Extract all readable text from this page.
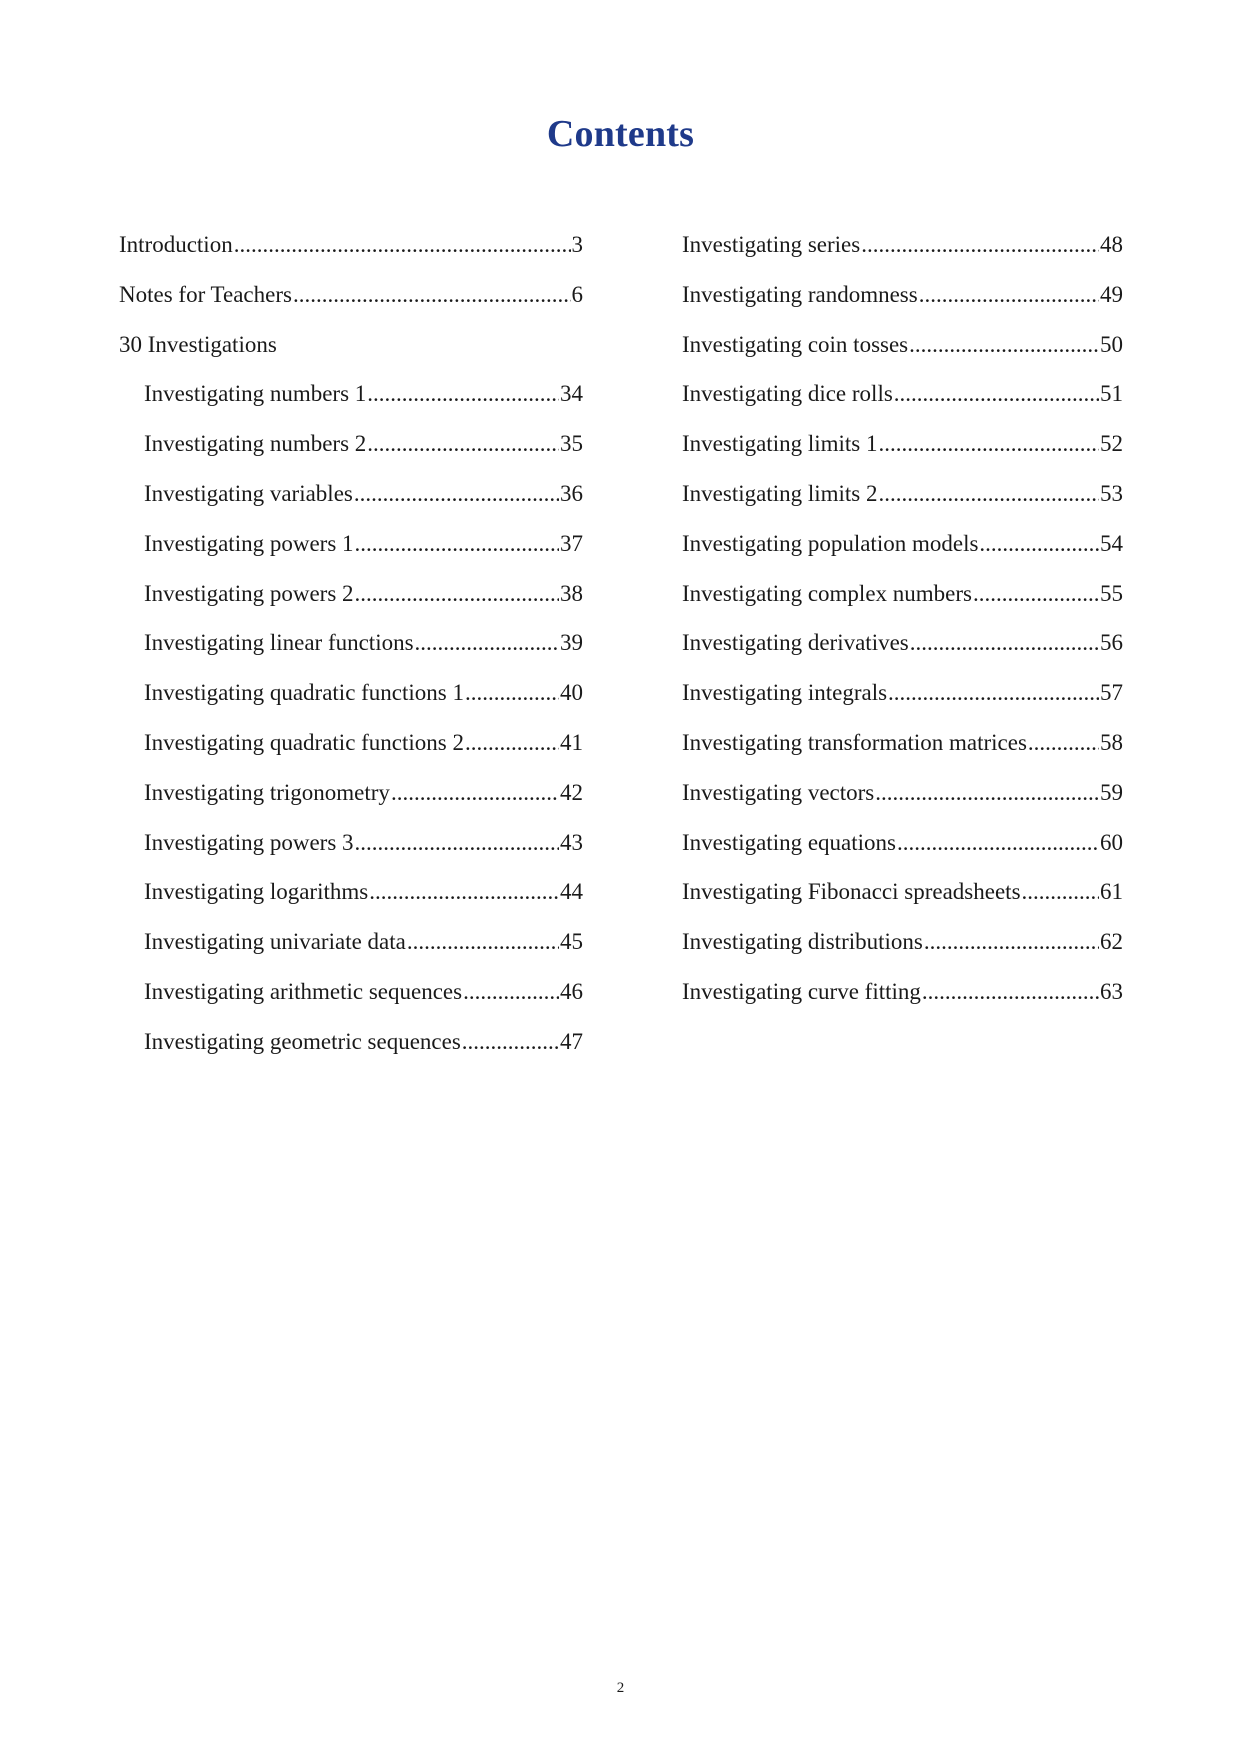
Contents
Introduction .....	3
Notes for Teachers .....	6
30 Investigations
Investigating numbers 1 .....	34
Investigating numbers 2 .....	35
Investigating variables .....	36
Investigating powers 1 .....	37
Investigating powers 2 .....	38
Investigating linear functions .....	39
Investigating quadratic functions 1 .....	40
Investigating quadratic functions 2 .....	41
Investigating trigonometry .....	42
Investigating powers 3 .....	43
Investigating logarithms .....	44
Investigating univariate data .....	45
Investigating arithmetic sequences .....	46
Investigating geometric sequences .....	47
Investigating series .....	48
Investigating randomness .....	49
Investigating coin tosses .....	50
Investigating dice rolls .....	51
Investigating limits 1 .....	52
Investigating limits 2 .....	53
Investigating population models .....	54
Investigating complex numbers .....	55
Investigating derivatives .....	56
Investigating integrals .....	57
Investigating transformation matrices .....	58
Investigating vectors .....	59
Investigating equations .....	60
Investigating Fibonacci spreadsheets .....	61
Investigating distributions .....	62
Investigating curve fitting .....	63
2
